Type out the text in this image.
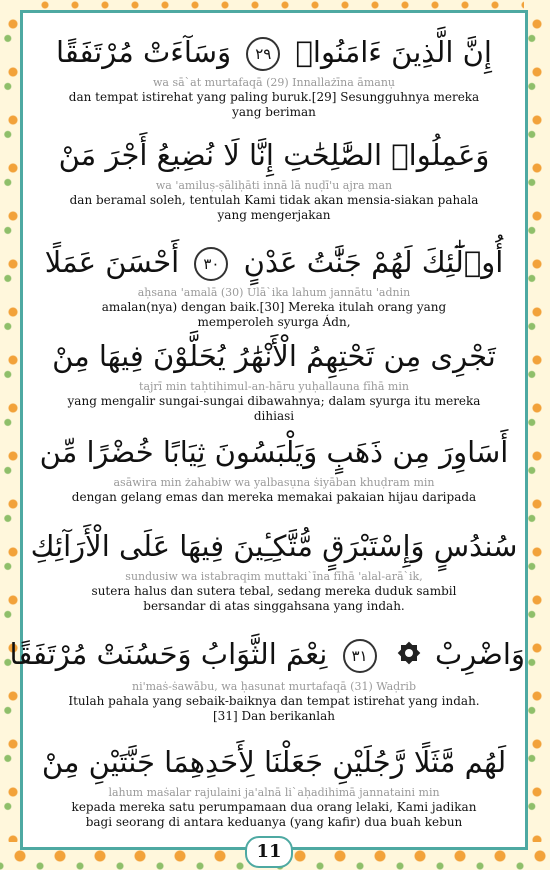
إِنَّ الَّذِينَ ءَامَنُوا۟ ٢٩ وَسَآءَتْ مُرْتَفَقًا
wa sā`at murtafaqā (29) Innallażīna āmanụ
dan tempat istirehat yang paling buruk.[29] Sesungguhnya mereka yang beriman
وَعَمِلُوا۟ الصَّٰلِحَٰتِ إِنَّا لَا نُضِيعُ أَجْرَ مَنْ
wa 'amiluṣ-ṣāliḥāti innā lā nuḍī'u ajra man
dan beramal soleh, tentulah Kami tidak akan mensia-siakan pahala yang mengerjakan
أُو۟لَٰٓئِكَ لَهُمْ جَنَّٰتُ عَدْنٍ ٣٠ أَحْسَنَ عَمَلًا
aḥsana 'amalā (30) Ulā`ika lahum jannātu 'adnin
amalan(nya) dengan baik.[30] Mereka itulah orang yang memperoleh syurga Ádn,
تَجْرِى مِن تَحْتِهِمُ الْأَنْهَٰرُ يُحَلَّوْنَ فِيهَا مِنْ
tajrī min taḥtihimul-an-hāru yuḥallauna fīhā min
yang mengalir sungai-sungai dibawahnya; dalam syurga itu mereka dihiasi
أَسَاوِرَ مِن ذَهَبٍ وَيَلْبَسُونَ ثِيَابًا خُضْرًا مِّن
asāwira min żahabiw wa yalbasụna ṡiyāban khuḍram min
dengan gelang emas dan mereka memakai pakaian hijau daripada
سُندُسٍ وَإِسْتَبْرَقٍ مُّتَّكِـِٔينَ فِيهَا عَلَى الْأَرَآئِكِ
sundusiw wa istabraqim muttaki`īna fīhā 'alal-arā`ik,
sutera halus dan sutera tebal, sedang mereka duduk sambil bersandar di atas singgahsana yang indah.
وَاضْرِبْ  ٣١ نِعْمَ الثَّوَابُ وَحَسُنَتْ مُرْتَفَقًا
ni'maṡ-ṡawābu, wa ḥasunat murtafaqā (31) Waḍrib
Itulah pahala yang sebaik-baiknya dan tempat istirehat yang indah.[31] Dan berikanlah
لَهُم مَّثَلًا رَّجُلَيْنِ جَعَلْنَا لِأَحَدِهِمَا جَنَّتَيْنِ مِنْ
lahum maṡalar rajulaini ja'alnā li`aḥadihimā jannataini min
kepada mereka satu perumpamaan dua orang lelaki, Kami jadikan bagi seorang di antara keduanya (yang kafir) dua buah kebun
11
